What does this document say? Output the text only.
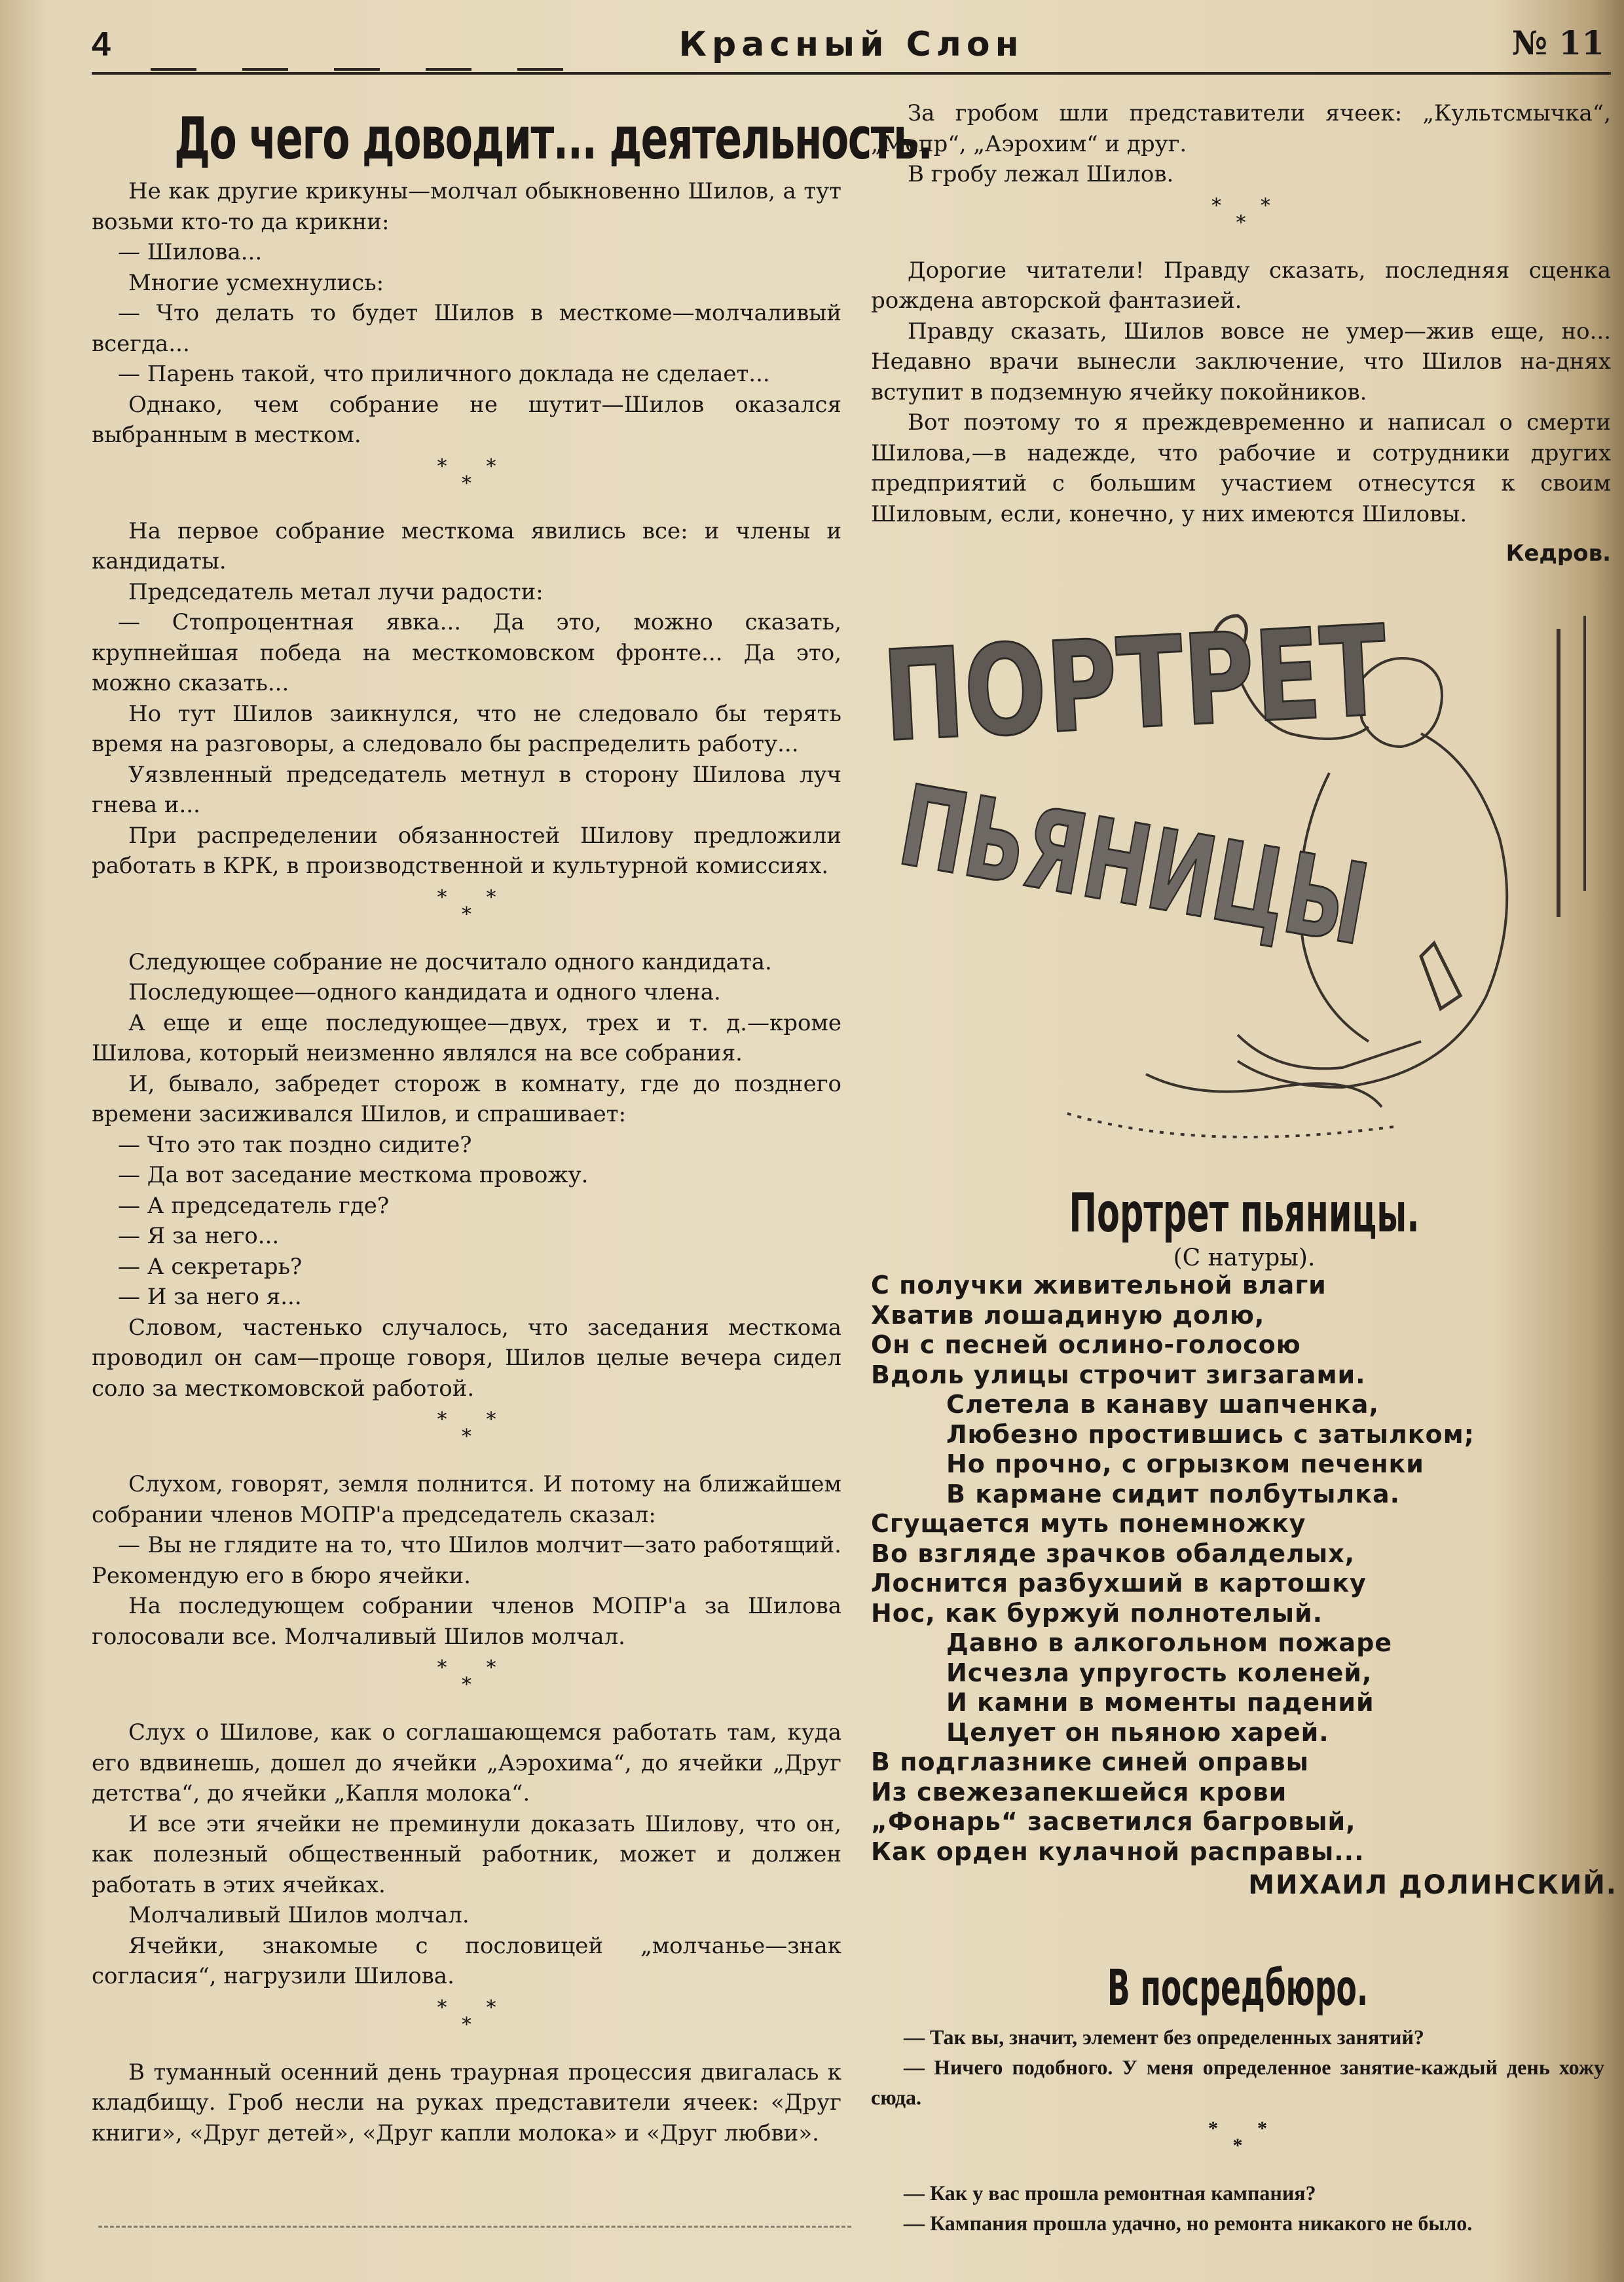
4	Красный Слон	№ 11
До чего доводит... деятельность.

Не как другие крикуны—молчал обыкновенно Шилов, а тут возьми кто-то да крикни:

— Шилова...

Многие усмехнулись:

— Что делать то будет Шилов в месткоме—молчаливый всегда...

— Парень такой, что приличного доклада не сделает...

Однако, чем собрание не шутит—Шилов оказался выбранным в местком.

*  *
*

На первое собрание месткома явились все: и члены и кандидаты.

Председатель метал лучи радости:

— Стопроцентная явка... Да это, можно сказать, крупнейшая победа на месткомовском фронте... Да это, можно сказать...

Но тут Шилов заикнулся, что не следовало бы терять время на разговоры, а следовало бы распределить работу...

Уязвленный председатель метнул в сторону Шилова луч гнева и...

При распределении обязанностей Шилову предложили работать в КРК, в производственной и культурной комиссиях.

*  *
*

Следующее собрание не досчитало одного кандидата.

Последующее—одного кандидата и одного члена.

А еще и еще последующее—двух, трех и т. д.—кроме Шилова, который неизменно являлся на все собрания.

И, бывало, забредет сторож в комнату, где до позднего времени засиживался Шилов, и спрашивает:

— Что это так поздно сидите?

— Да вот заседание месткома провожу.

— А председатель где?

— Я за него...

— А секретарь?

— И за него я...

Словом, частенько случалось, что заседания месткома проводил он сам—проще говоря, Шилов целые вечера сидел соло за месткомовской работой.

*  *
*

Слухом, говорят, земля полнится. И потому на ближайшем собрании членов МОПР'а председатель сказал:

— Вы не глядите на то, что Шилов молчит—зато работящий. Рекомендую его в бюро ячейки.

На последующем собрании членов МОПР'а за Шилова голосовали все. Молчаливый Шилов молчал.

*  *
*

Слух о Шилове, как о соглашающемся работать там, куда его вдвинешь, дошел до ячейки „Аэрохима“, до ячейки „Друг детства“, до ячейки „Капля молока“.

И все эти ячейки не преминули доказать Шилову, что он, как полезный общественный работник, может и должен работать в этих ячейках.

Молчаливый Шилов молчал.

Ячейки, знакомые с пословицей „молчанье—знак согласия“, нагрузили Шилова.

*  *
*

В туманный осенний день траурная процессия двигалась к кладбищу. Гроб несли на руках представители ячеек: «Друг книги», «Друг детей», «Друг капли молока» и «Друг любви».

За гробом шли представители ячеек: „Культсмычка“, „Мопр“, „Аэрохим“ и друг.

В гробу лежал Шилов.

*  *
*

Дорогие читатели! Правду сказать, последняя сценка рождена авторской фантазией.

Правду сказать, Шилов вовсе не умер—жив еще, но... Недавно врачи вынесли заключение, что Шилов на-днях вступит в подземную ячейку покойников.

Вот поэтому то я преждевременно и написал о смерти Шилова,—в надежде, что рабочие и сотрудники других предприятий с большим участием отнесутся к своим Шиловым, если, конечно, у них имеются Шиловы.

Кедров.
ПОРТРЕТ
ПЬЯНИЦЫ
Портрет пьяницы.
(С натуры).
С получки живительной влаги
Хватив лошадиную долю,
Он с песней ослино-голосою
Вдоль улицы строчит зигзагами.
Слетела в канаву шапченка,
Любезно простившись с затылком;
Но прочно, с огрызком печенки
В кармане сидит полбутылка.
Сгущается муть понемножку
Во взгляде зрачков обалделых,
Лоснится разбухший в картошку
Нос, как буржуй полнотелый.
Давно в алкогольном пожаре
Исчезла упругость коленей,
И камни в моменты падений
Целует он пьяною харей.
В подглазнике синей оправы
Из свежезапекшейся крови
„Фонарь“ засветился багровый,
Как орден кулачной расправы...
МИХАИЛ ДОЛИНСКИЙ.
В посредбюро.

— Так вы, значит, элемент без определенных занятий?

— Ничего подобного. У меня определенное занятие-каждый день хожу сюда.

*  *
*

— Как у вас прошла ремонтная кампания?

— Кампания прошла удачно, но ремонта никакого не было.
